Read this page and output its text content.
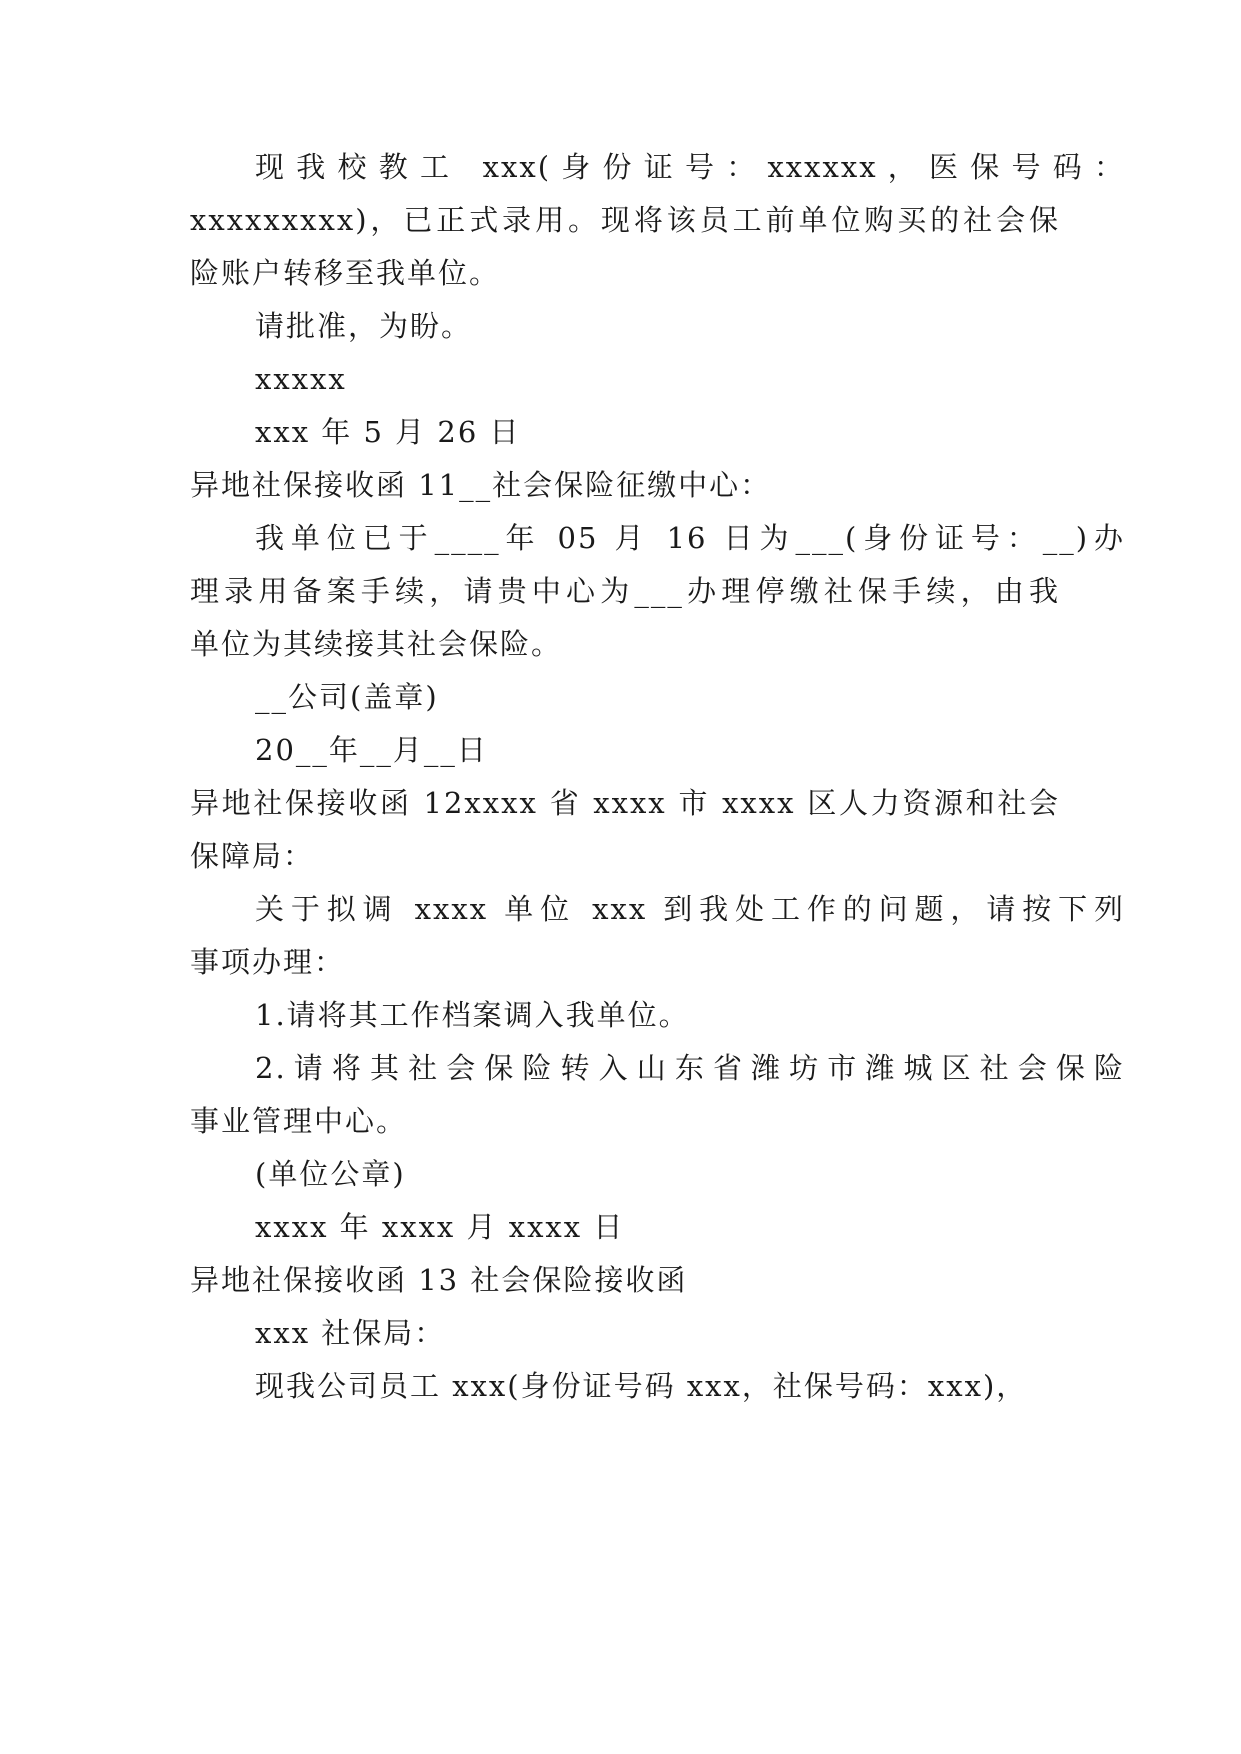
现我校教工 xxx(身份证号：xxxxxx，医保号码：
xxxxxxxxx)，已正式录用。现将该员工前单位购买的社会保
险账户转移至我单位。
请批准，为盼。
xxxxx
xxx 年 5 月 26 日
异地社保接收函 11__社会保险征缴中心：
我单位已于____年 05 月 16 日为___(身份证号：__)办
理录用备案手续，请贵中心为___办理停缴社保手续，由我
单位为其续接其社会保险。
__公司(盖章)
20__年__月__日
异地社保接收函 12xxxx 省 xxxx 市 xxxx 区人力资源和社会
保障局：
关于拟调 xxxx 单位 xxx 到我处工作的问题，请按下列
事项办理：
1.请将其工作档案调入我单位。
2.请将其社会保险转入山东省潍坊市潍城区社会保险
事业管理中心。
(单位公章)
xxxx 年 xxxx 月 xxxx 日
异地社保接收函 13 社会保险接收函
xxx 社保局：
现我公司员工 xxx(身份证号码 xxx，社保号码：xxx)，
